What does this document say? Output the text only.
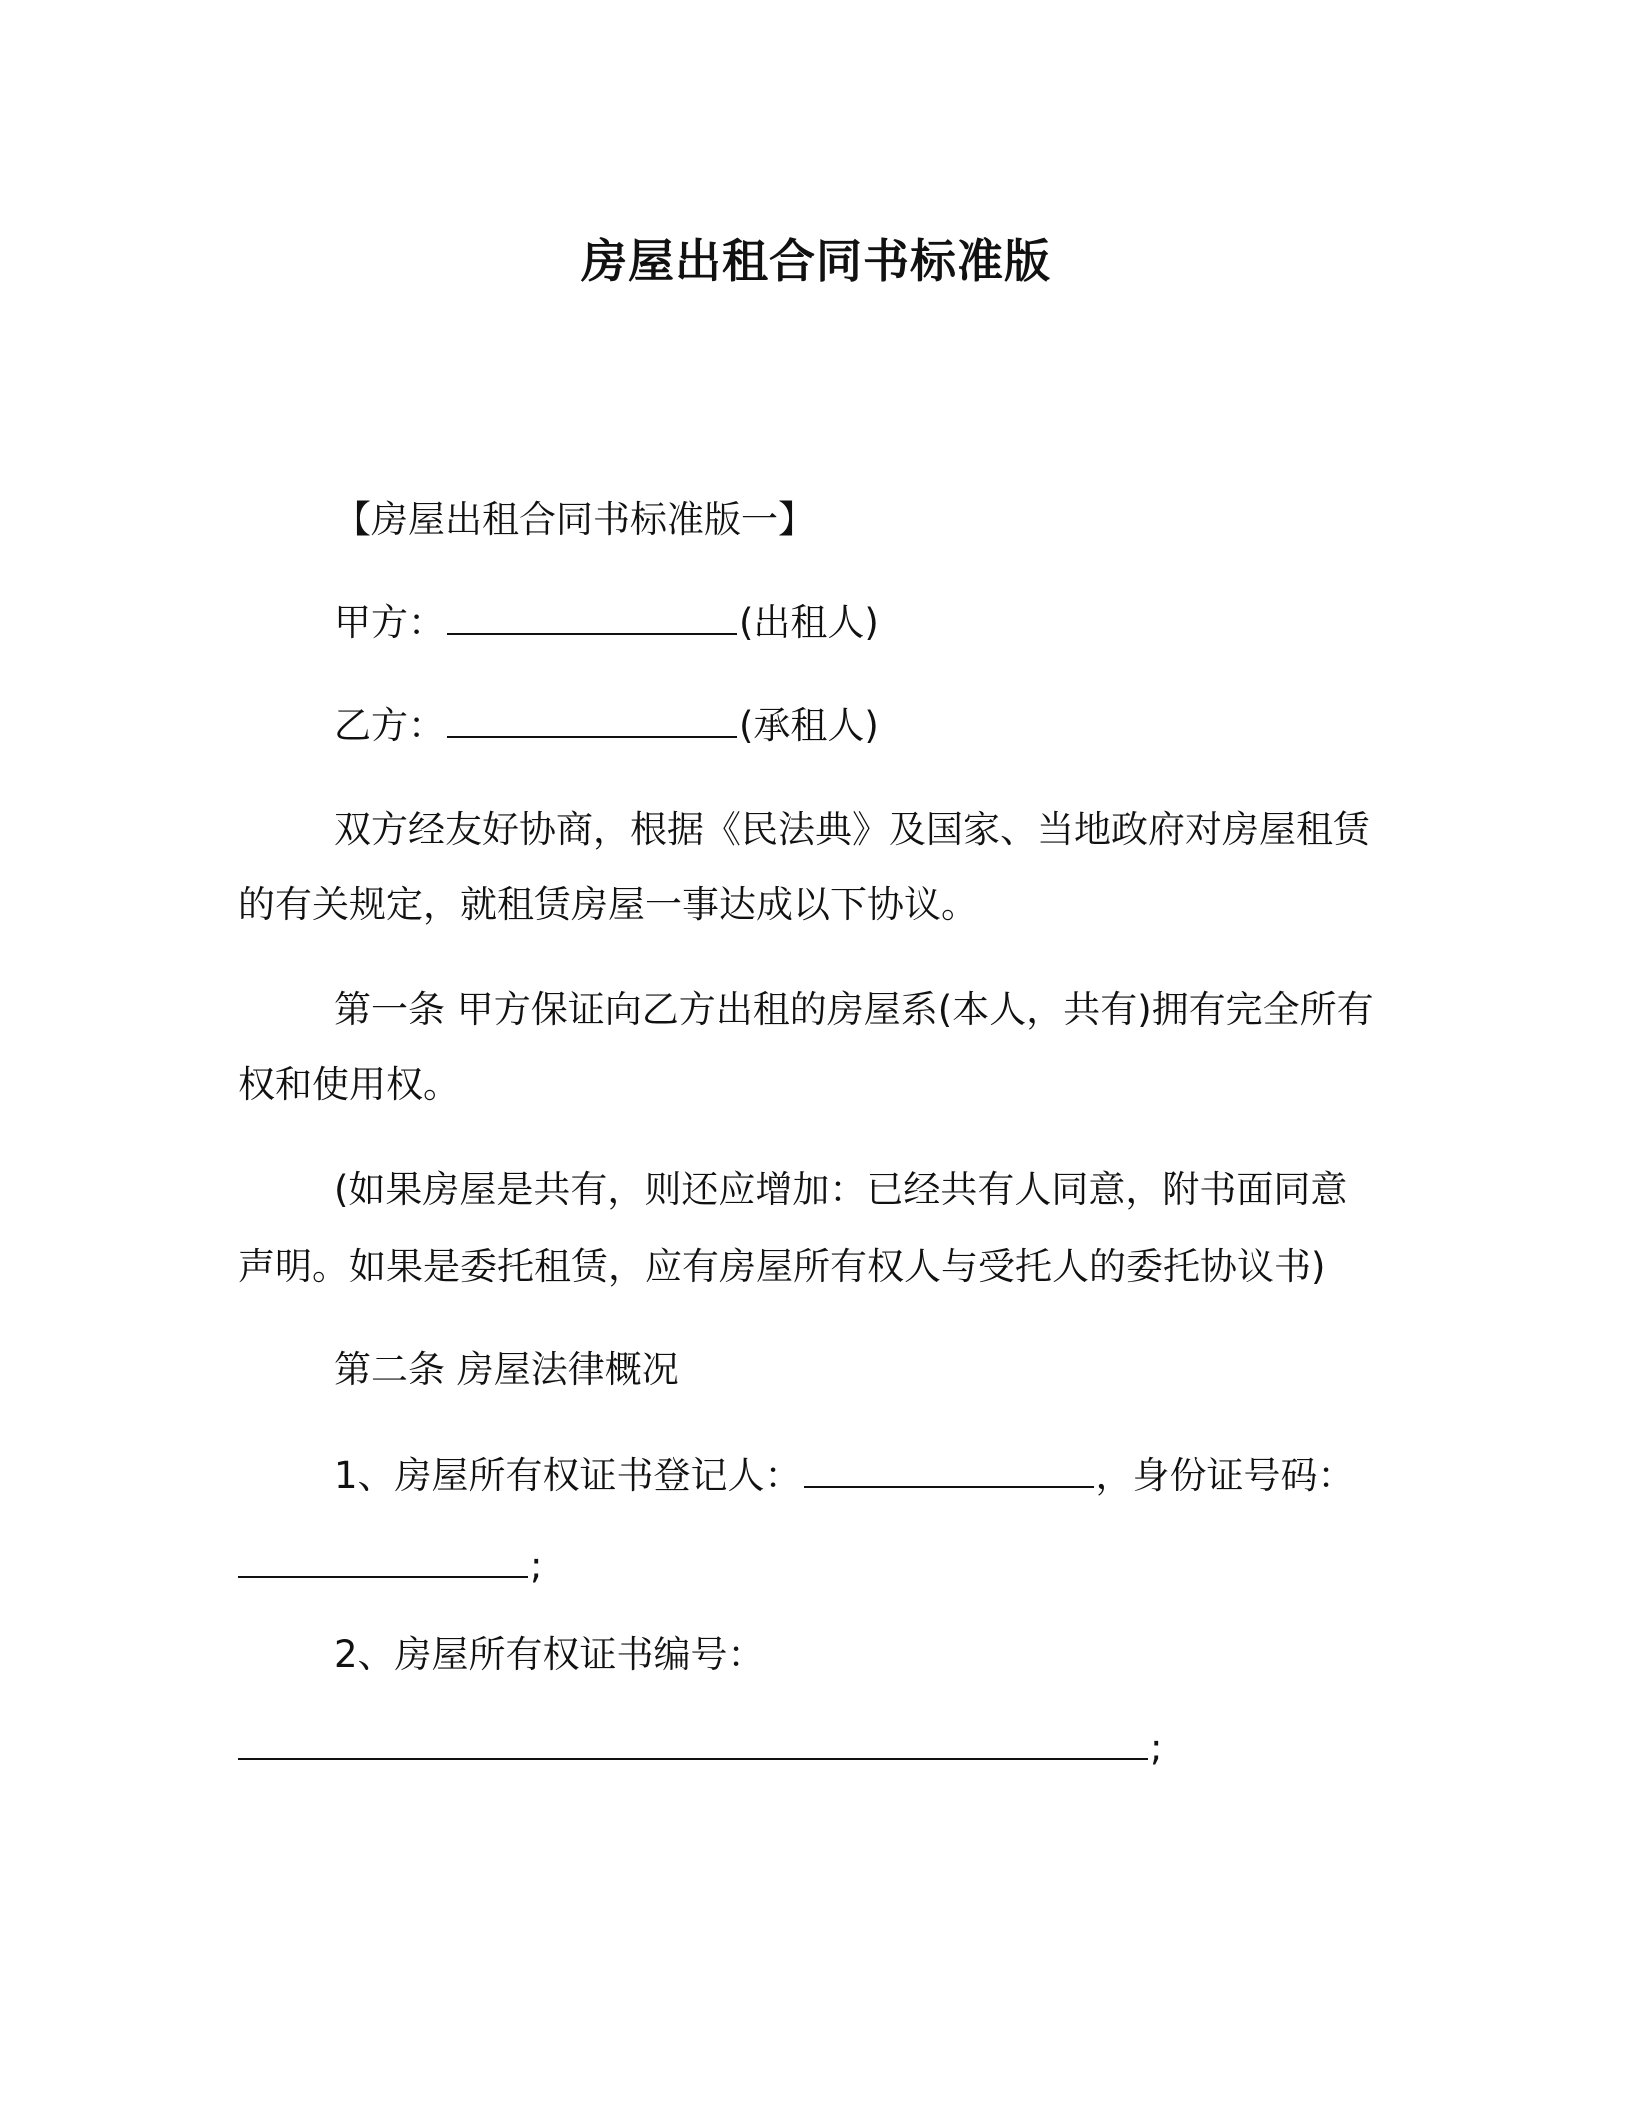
房屋出租合同书标准版
【房屋出租合同书标准版一】
甲方：	(出租人)
乙方：	(承租人)
双方经友好协商，根据《民法典》及国家、当地政府对房屋租赁
的有关规定，就租赁房屋一事达成以下协议。
第一条 甲方保证向乙方出租的房屋系(本人，共有)拥有完全所有
权和使用权。
(如果房屋是共有，则还应增加：已经共有人同意，附书面同意
声明。如果是委托租赁，应有房屋所有权人与受托人的委托协议书)
第二条 房屋法律概况
1、房屋所有权证书登记人：	，身份证号码：
;
2、房屋所有权证书编号：
;
